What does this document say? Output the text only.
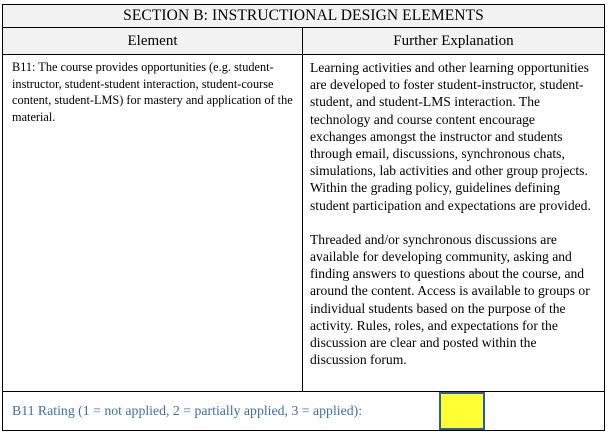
SECTION B: INSTRUCTIONAL DESIGN ELEMENTS	
Element	Further Explanation
B11: The course provides opportunities (e.g. student-instructor, student-student interaction, student-course content, student-LMS) for mastery and application of the material.	Learning activities and other learning opportunities are developed to foster student-instructor, student-student, and student-LMS interaction. The technology and course content encourage exchanges amongst the instructor and students through email, discussions, synchronous chats, simulations, lab activities and other group projects. Within the grading policy, guidelines defining student participation and expectations are provided.

Threaded and/or synchronous discussions are available for developing community, asking and finding answers to questions about the course, and around the content. Access is available to groups or individual students based on the purpose of the activity. Rules, roles, and expectations for the discussion are clear and posted within the discussion forum.

B11 Rating (1 = not applied, 2 = partially applied, 3 = applied):	
